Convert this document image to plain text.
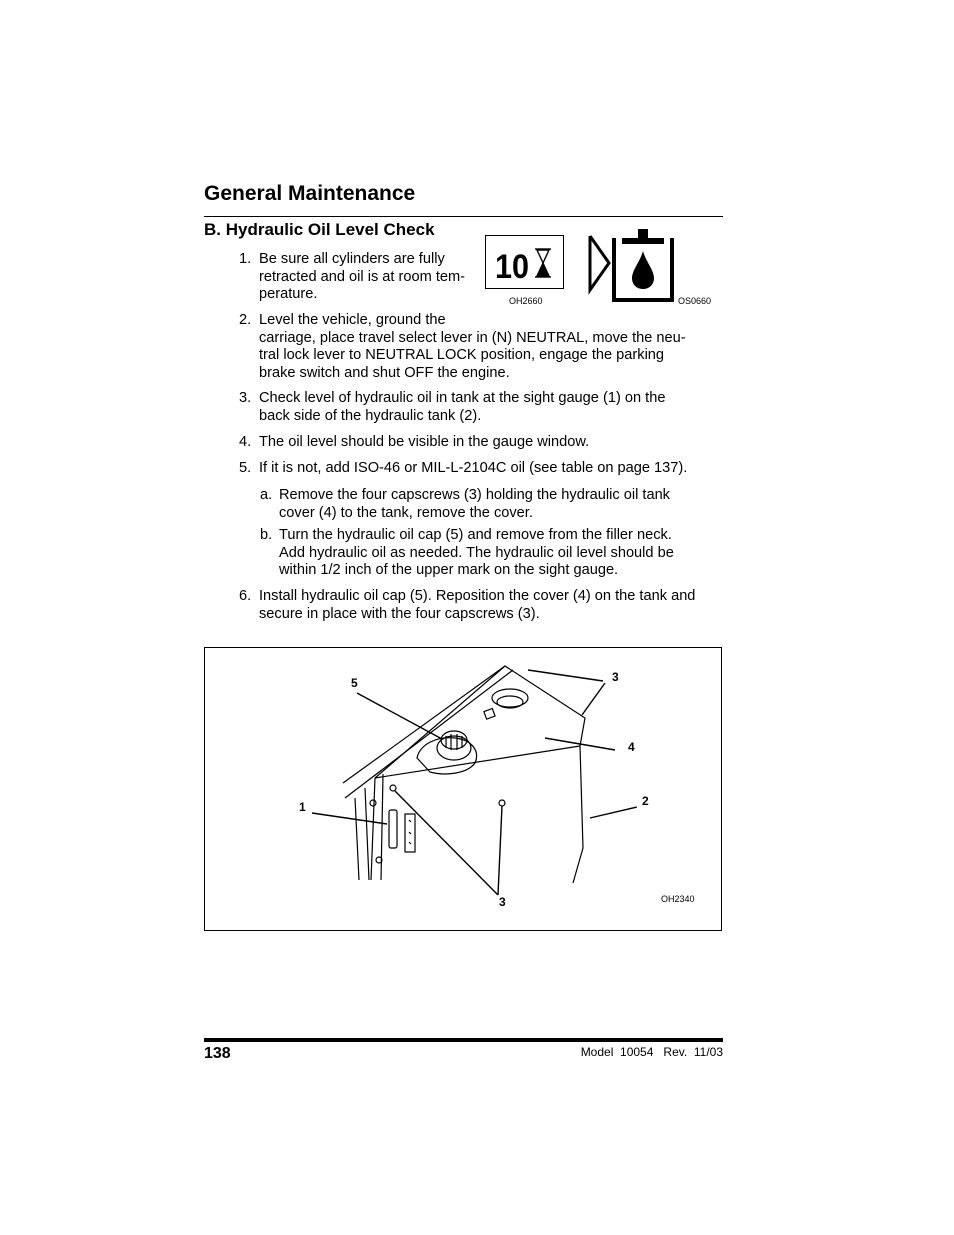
General Maintenance
B. Hydraulic Oil Level Check
10
OH2660	OS0660
1. Be sure all cylinders are fully
retracted and oil is at room tem-
perature.
2. Level the vehicle, ground the
carriage, place travel select lever in (N) NEUTRAL, move the neu-
tral lock lever to NEUTRAL LOCK position, engage the parking
brake switch and shut OFF the engine.
3. Check level of hydraulic oil in tank at the sight gauge (1) on the
back side of the hydraulic tank (2).
4. The oil level should be visible in the gauge window.
5. If it is not, add ISO-46 or MIL-L-2104C oil (see table on page 137).
a. Remove the four capscrews (3) holding the hydraulic oil tank
cover (4) to the tank, remove the cover.
b. Turn the hydraulic oil cap (5) and remove from the filler neck.
Add hydraulic oil as needed. The hydraulic oil level should be
within 1/2 inch of the upper mark on the sight gauge.
6. Install hydraulic oil cap (5). Reposition the cover (4) on the tank and
secure in place with the four capscrews (3).
5	3
4
1	2
3	OH2340
138	Model  10054   Rev.  11/03
